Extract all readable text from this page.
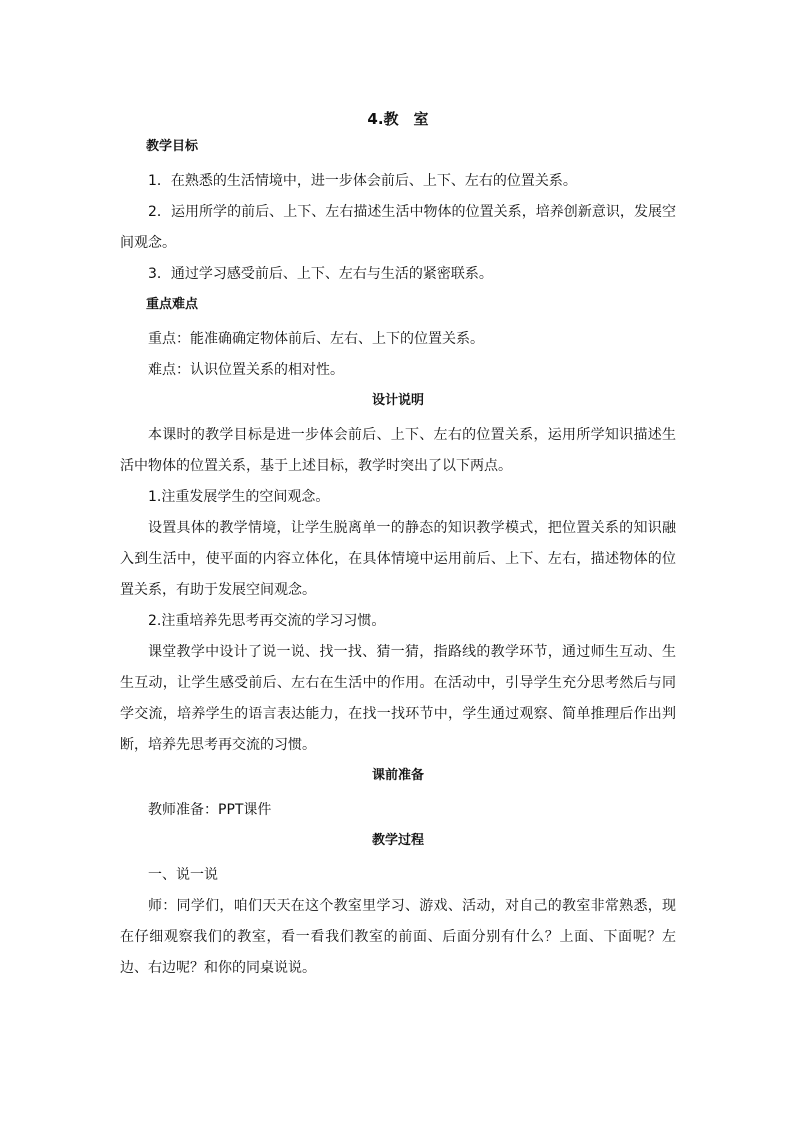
4.教　室
教学目标

1．在熟悉的生活情境中，进一步体会前后、上下、左右的位置关系。

2．运用所学的前后、上下、左右描述生活中物体的位置关系，培养创新意识，发展空间观念。

3．通过学习感受前后、上下、左右与生活的紧密联系。

重点难点

重点：能准确确定物体前后、左右、上下的位置关系。

难点：认识位置关系的相对性。

设计说明

本课时的教学目标是进一步体会前后、上下、左右的位置关系，运用所学知识描述生活中物体的位置关系，基于上述目标，教学时突出了以下两点。

1.注重发展学生的空间观念。

设置具体的教学情境，让学生脱离单一的静态的知识教学模式，把位置关系的知识融入到生活中，使平面的内容立体化，在具体情境中运用前后、上下、左右，描述物体的位置关系，有助于发展空间观念。

2.注重培养先思考再交流的学习习惯。

课堂教学中设计了说一说、找一找、猜一猜，指路线的教学环节，通过师生互动、生生互动，让学生感受前后、左右在生活中的作用。在活动中，引导学生充分思考然后与同学交流，培养学生的语言表达能力，在找一找环节中，学生通过观察、简单推理后作出判断，培养先思考再交流的习惯。

课前准备

教师准备：PPT课件

教学过程

一、说一说

师：同学们，咱们天天在这个教室里学习、游戏、活动，对自己的教室非常熟悉，现在仔细观察我们的教室，看一看我们教室的前面、后面分别有什么？上面、下面呢？左边、右边呢？和你的同桌说说。
